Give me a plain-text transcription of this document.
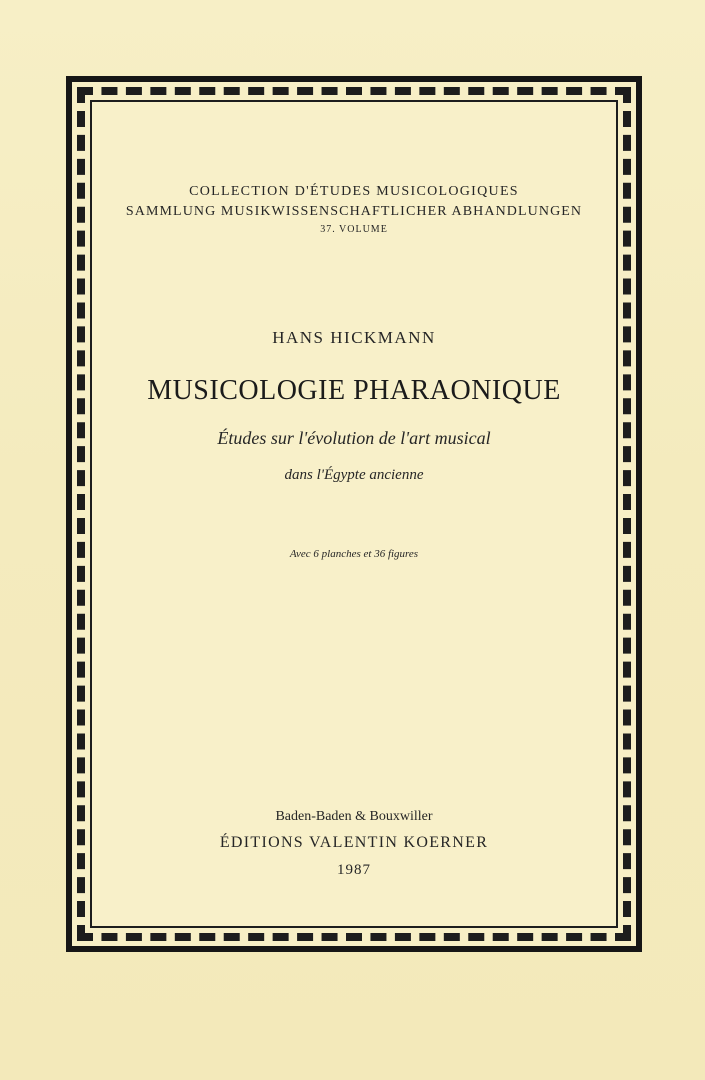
COLLECTION D'ÉTUDES MUSICOLOGIQUES
SAMMLUNG MUSIKWISSENSCHAFTLICHER ABHANDLUNGEN
37. VOLUME
HANS HICKMANN
MUSICOLOGIE PHARAONIQUE
Études sur l'évolution de l'art musical
dans l'Égypte ancienne
Avec 6 planches et 36 figures
Baden-Baden & Bouxwiller
ÉDITIONS VALENTIN KOERNER
1987
